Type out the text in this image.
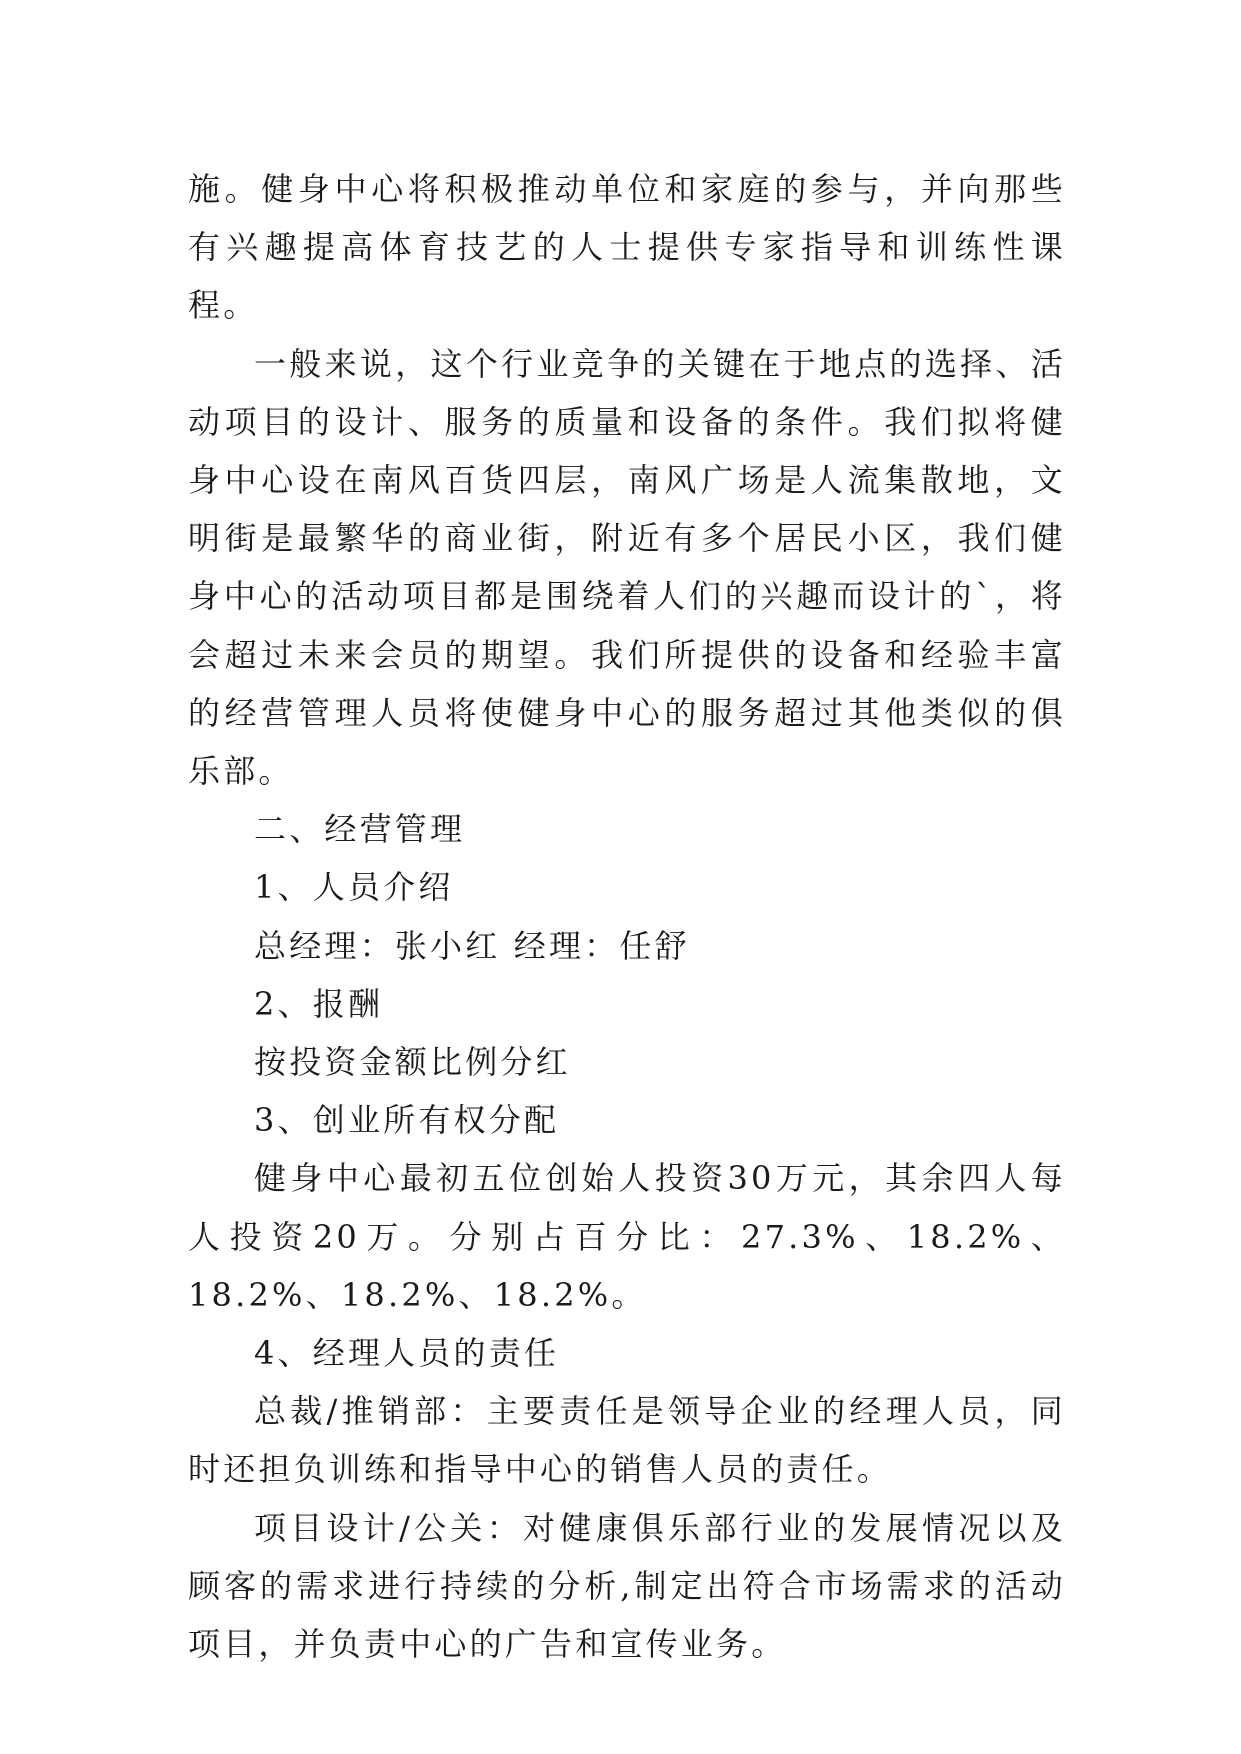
施。健身中心将积极推动单位和家庭的参与，并向那些有兴趣提高体育技艺的人士提供专家指导和训练性课程。

一般来说，这个行业竞争的关键在于地点的选择、活动项目的设计、服务的质量和设备的条件。我们拟将健身中心设在南风百货四层，南风广场是人流集散地，文明街是最繁华的商业街，附近有多个居民小区，我们健身中心的活动项目都是围绕着人们的兴趣而设计的`，将会超过未来会员的期望。我们所提供的设备和经验丰富的经营管理人员将使健身中心的服务超过其他类似的俱乐部。

二、经营管理

1、人员介绍

总经理：张小红 经理：任舒

2、报酬

按投资金额比例分红

3、创业所有权分配

健身中心最初五位创始人投资30万元，其余四人每人投资20万。分别占百分比：27.3%、18.2%、18.2%、18.2%、18.2%。

4、经理人员的责任

总裁/推销部：主要责任是领导企业的经理人员，同时还担负训练和指导中心的销售人员的责任。

项目设计/公关：对健康俱乐部行业的发展情况以及顾客的需求进行持续的分析,制定出符合市场需求的活动项目，并负责中心的广告和宣传业务。
